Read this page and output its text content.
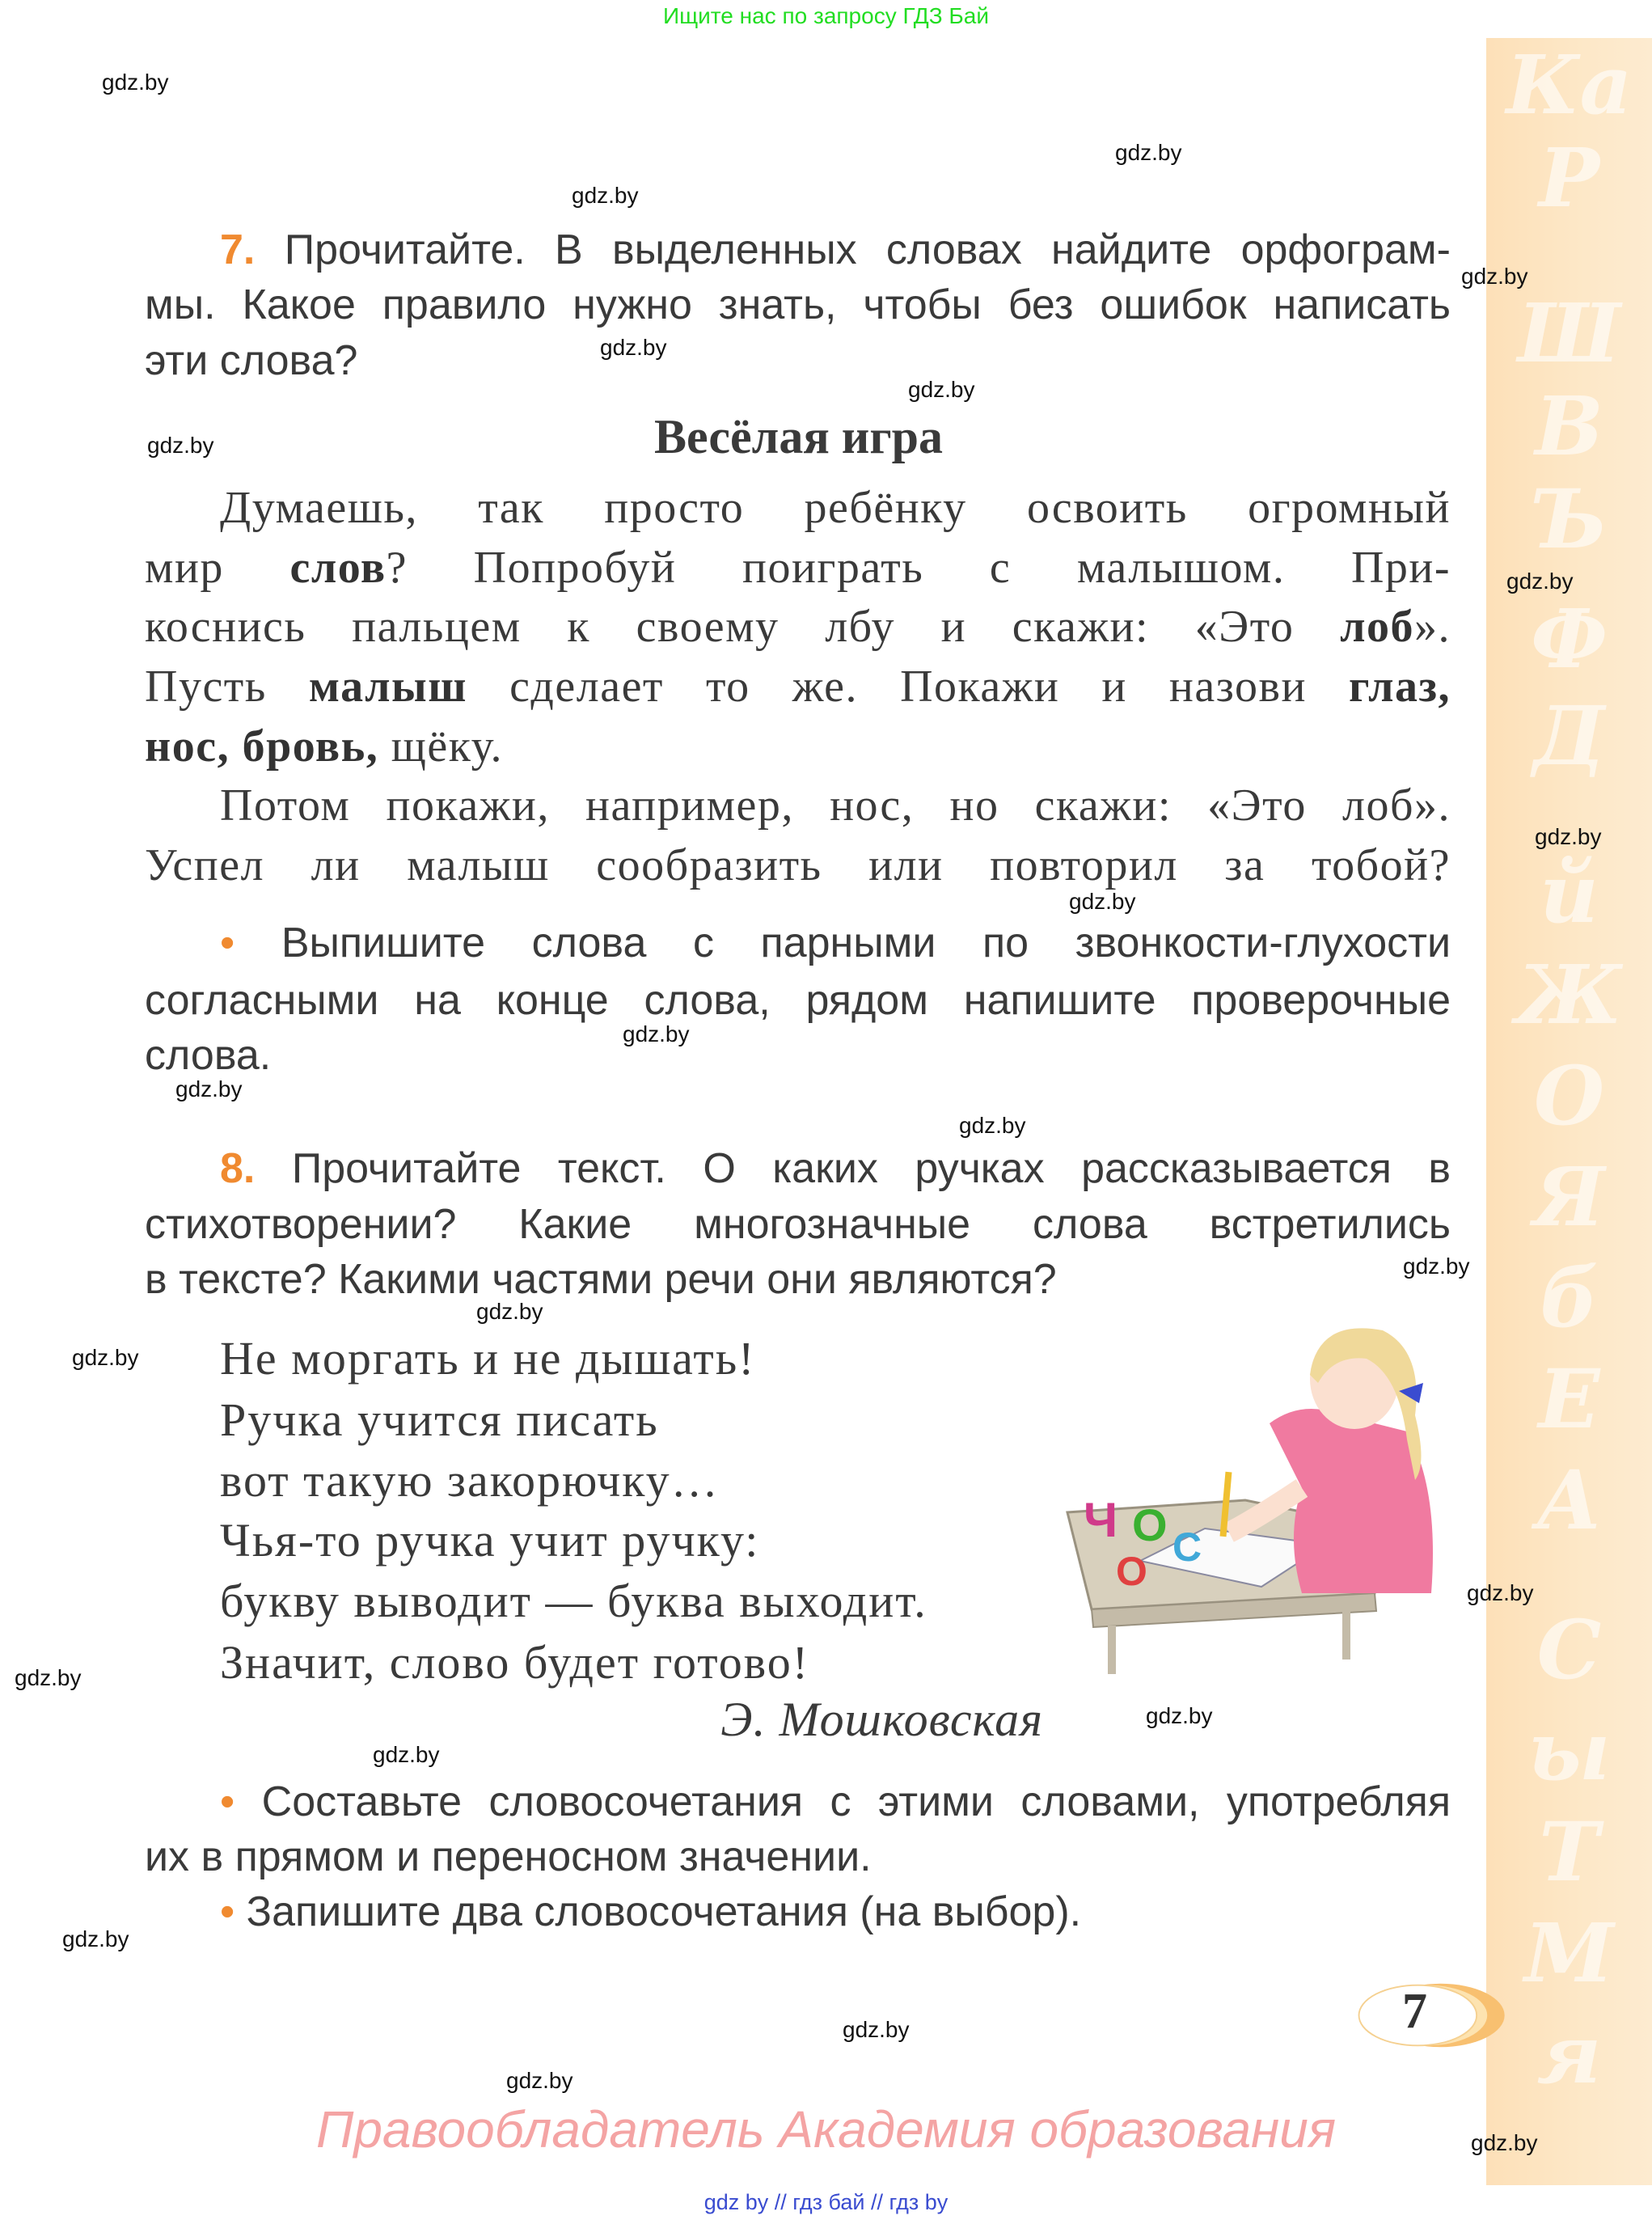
Ищите нас по запросу ГДЗ Бай
Ка
Р
Ш
В
Ъ
Ф
Д
й
Ж
О
Я
б
Е
А
С
ы
Т
М
я
7. Прочитайте. В выделенных словах найдите орфограм-
мы. Какое правило нужно знать, чтобы без ошибок написать
эти слова?
Весёлая игра
Думаешь, так просто ребёнку освоить огромный
мир слов? Попробуй поиграть с малышом. При-
коснись пальцем к своему лбу и скажи: «Это лоб».
Пусть малыш сделает то же. Покажи и назови глаз,
нос, бровь, щёку.
Потом покажи, например, нос, но скажи: «Это лоб».
Успел ли малыш сообразить или повторил за тобой?
• Выпишите слова с парными по звонкости-глухости
согласными на конце слова, рядом напишите проверочные
слова.
8. Прочитайте текст. О каких ручках рассказывается в
стихотворении? Какие многозначные слова встретились
в тексте? Какими частями речи они являются?
Не моргать и не дышать!
Ручка учится писать
вот такую закорючку…
Чья-то ручка учит ручку:
букву выводит — буква выходит.
Значит, слово будет готово!
Э. Мошковская
Ч О С
О
• Составьте словосочетания с этими словами, употребляя
их в прямом и переносном значении.
• Запишите два словосочетания (на выбор).
7
Правообладатель Академия образования
gdz by // гдз бай // гдз by
gdz.by
gdz.by
gdz.by
gdz.by
gdz.by
gdz.by
gdz.by
gdz.by
gdz.by
gdz.by
gdz.by
gdz.by
gdz.by
gdz.by
gdz.by
gdz.by
gdz.by
gdz.by
gdz.by
gdz.by
gdz.by
gdz.by
gdz.by
gdz.by
